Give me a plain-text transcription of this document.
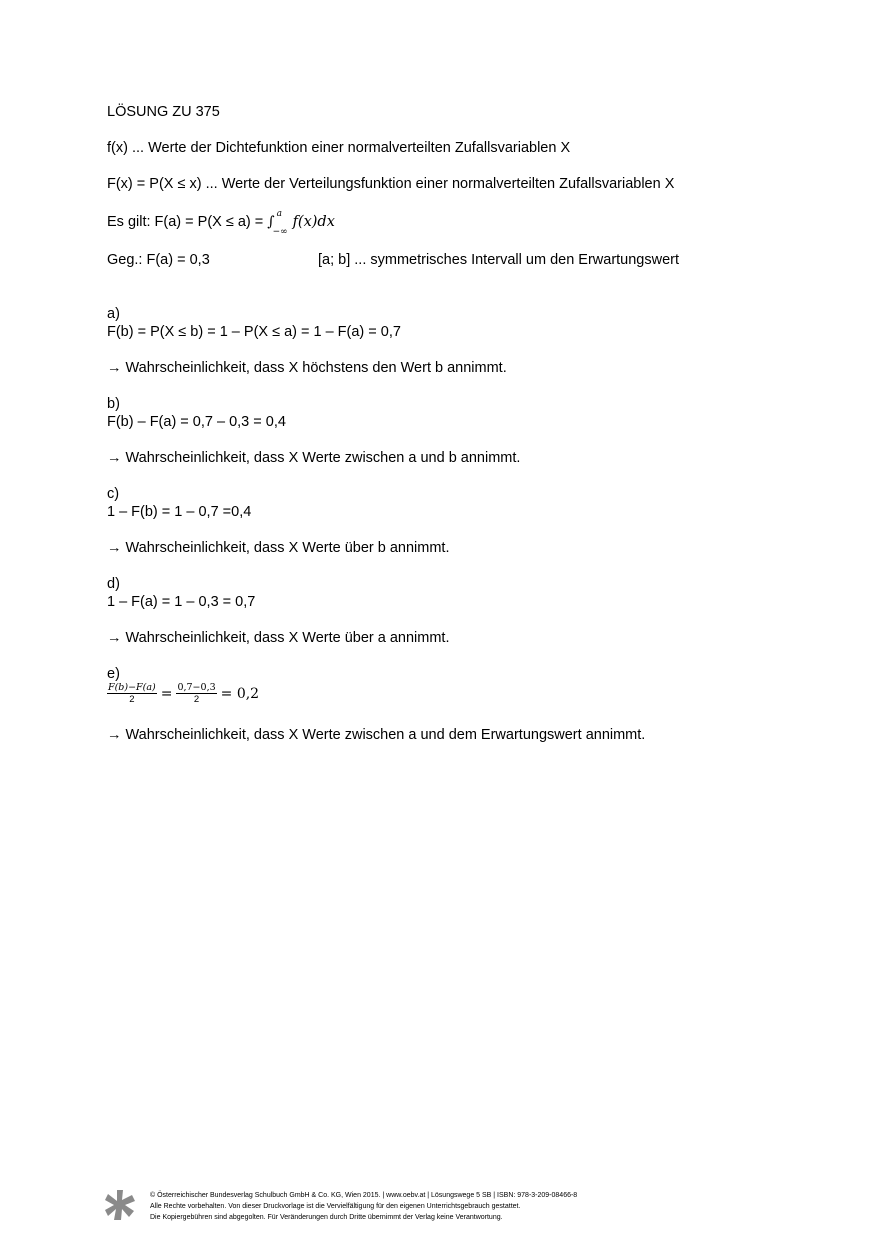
LÖSUNG ZU 375
f(x) ... Werte der Dichtefunktion einer normalverteilten Zufallsvariablen X
F(x) = P(X ≤ x) ... Werte der Verteilungsfunktion einer normalverteilten Zufallsvariablen X
Es gilt: F(a) = P(X ≤ a) = ∫ a
−∞
f(x)dx
Geg.: F(a) = 0,3	[a; b] ... symmetrisches Intervall um den Erwartungswert
a)
F(b) = P(X ≤ b) = 1 – P(X ≤ a) = 1 – F(a) = 0,7
→ Wahrscheinlichkeit, dass X höchstens den Wert b annimmt.
b)
F(b) – F(a) = 0,7 – 0,3 = 0,4
→ Wahrscheinlichkeit, dass X Werte zwischen a und b annimmt.
c)
1 – F(b) = 1 – 0,7 =0,4
→ Wahrscheinlichkeit, dass X Werte über b annimmt.
d)
1 – F(a) = 1 – 0,3 = 0,7
→ Wahrscheinlichkeit, dass X Werte über a annimmt.
e)
$\frac{F(b)-F(a)}{2} = \frac{0,7-0,3}{2} = 0,2$
→ Wahrscheinlichkeit, dass X Werte zwischen a und dem Erwartungswert annimmt.
© Österreichischer Bundesverlag Schulbuch GmbH & Co. KG, Wien 2015. | www.oebv.at | Lösungswege 5 SB | ISBN: 978-3-209-08466-8
Alle Rechte vorbehalten. Von dieser Druckvorlage ist die Vervielfältigung für den eigenen Unterrichtsgebrauch gestattet.
Die Kopiergebühren sind abgegolten. Für Veränderungen durch Dritte übernimmt der Verlag keine Verantwortung.
